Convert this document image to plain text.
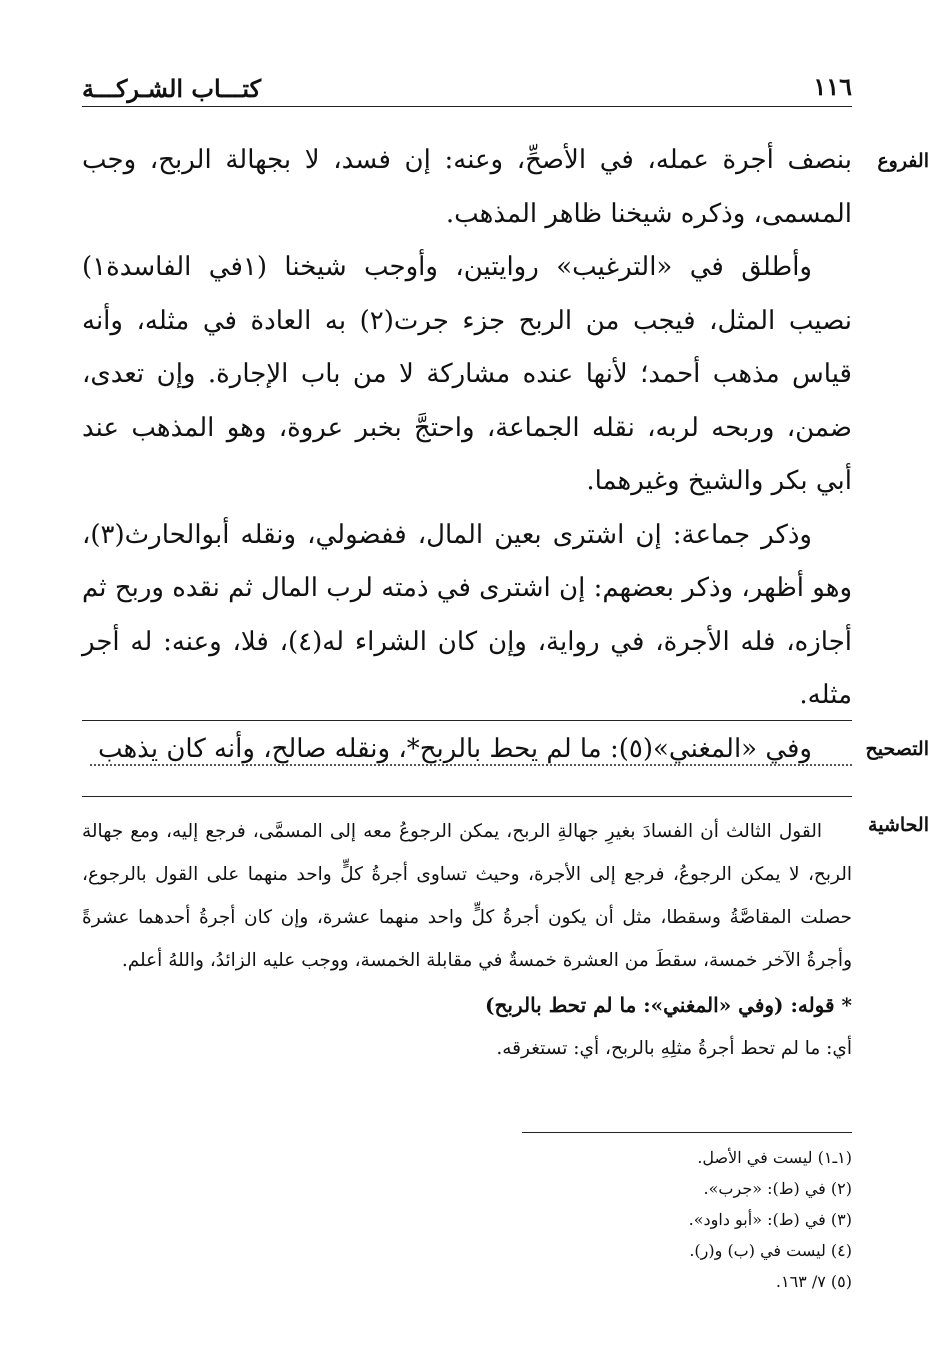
١١٦
كتـــاب الشـركـــة
الفروع

بنصف أجرة عمله، في الأصحِّ، وعنه: إن فسد، لا بجهالة الربح، وجب المسمى، وذكره شيخنا ظاهر المذهب.

وأطلق في «الترغيب» روايتين، وأوجب شيخنا (١في الفاسدة١) نصيب المثل، فيجب من الربح جزء جرت(٢) به العادة في مثله، وأنه قياس مذهب أحمد؛ لأنها عنده مشاركة لا من باب الإجارة. وإن تعدى، ضمن، وربحه لربه، نقله الجماعة، واحتجَّ بخبر عروة، وهو المذهب عند أبي بكر والشيخ وغيرهما.

وذكر جماعة: إن اشترى بعين المال، ففضولي، ونقله أبوالحارث(٣)، وهو أظهر، وذكر بعضهم: إن اشترى في ذمته لرب المال ثم نقده وربح ثم أجازه، فله الأجرة، في رواية، وإن كان الشراء له(٤)، فلا، وعنه: له أجر مثله.

وفي «المغني»(٥): ما لم يحط بالربح*، ونقله صالح، وأنه كان يذهب	التصحيح
الحاشية

القول الثالث أن الفسادَ بغيرِ جهالةِ الربح، يمكن الرجوعُ معه إلى المسمَّى، فرجع إليه، ومع جهالة الربح، لا يمكن الرجوعُ، فرجع إلى الأجرة، وحيث تساوى أجرةُ كلٍّ واحد منهما على القول بالرجوع، حصلت المقاصَّةُ وسقطا، مثل أن يكون أجرةُ كلٍّ واحد منهما عشرة، وإن كان أجرةُ أحدهما عشرةً وأجرةُ الآخر خمسة، سقطَ من العشرة خمسةٌ في مقابلة الخمسة، ووجب عليه الزائدُ، واللهُ أعلم.

* قوله: (وفي «المغني»: ما لم تحط بالربح)

أي: ما لم تحط أجرةُ مثلِهِ بالربح، أي: تستغرقه.

(١ـ١) ليست في الأصل.
(٢) في (ط): «جرب».
(٣) في (ط): «أبو داود».
(٤) ليست في (ب) و(ر).
(٥) ٧/ ١٦٣.
